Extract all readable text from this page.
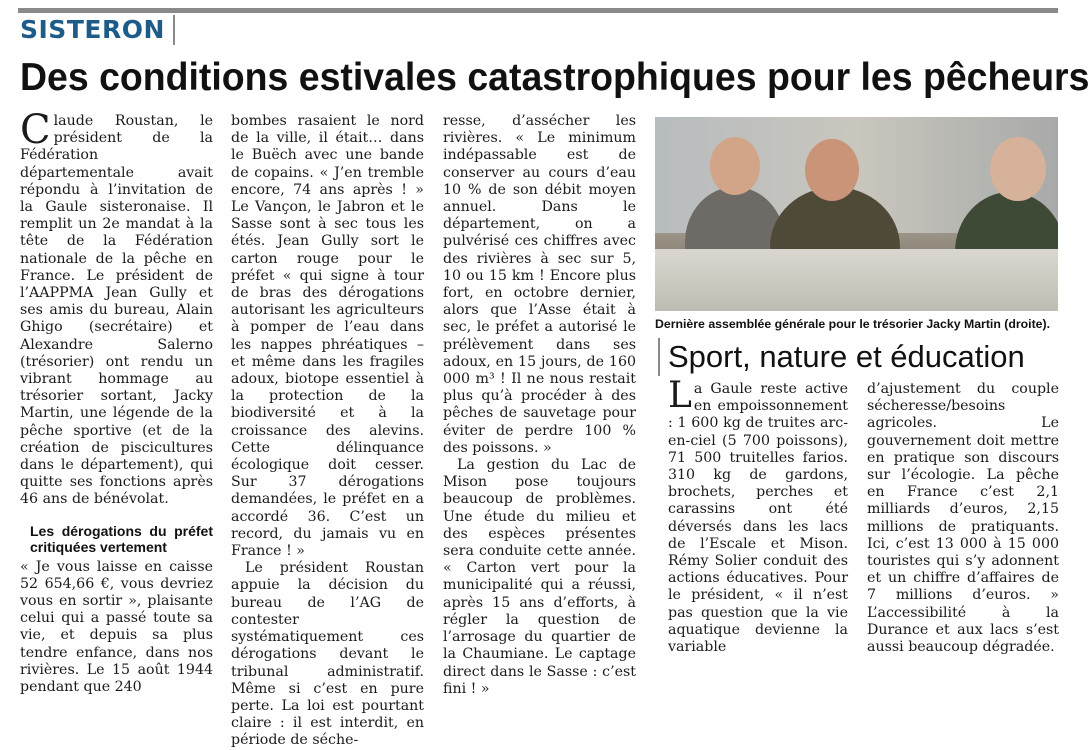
SISTERON
Des conditions estivales catastrophiques pour les pêcheurs

Claude Roustan, le président de la Fédération départementale avait répondu à l’invitation de la Gaule sisteronaise. Il remplit un 2e mandat à la tête de la Fédération nationale de la pêche en France. Le président de l’AAPPMA Jean Gully et ses amis du bureau, Alain Ghigo (secrétaire) et Alexandre Salerno (trésorier) ont rendu un vibrant hommage au trésorier sortant, Jacky Martin, une légende de la pêche sportive (et de la création de piscicultures dans le département), qui quitte ses fonctions après 46 ans de bénévolat.

Les dérogations du préfet critiquées vertement

« Je vous laisse en caisse 52 654,66 €, vous devriez vous en sortir », plaisante celui qui a passé toute sa vie, et depuis sa plus tendre enfance, dans nos rivières. Le 15 août 1944 pendant que 240

bombes rasaient le nord de la ville, il était… dans le Buëch avec une bande de copains. « J’en tremble encore, 74 ans après ! » Le Vançon, le Jabron et le Sasse sont à sec tous les étés. Jean Gully sort le carton rouge pour le préfet « qui signe à tour de bras des dérogations autorisant les agriculteurs à pomper de l’eau dans les nappes phréatiques – et même dans les fragiles adoux, biotope essentiel à la protection de la biodiversité et à la croissance des alevins. Cette délinquance écologique doit cesser. Sur 37 dérogations demandées, le préfet en a accordé 36. C’est un record, du jamais vu en France ! »

Le président Roustan appuie la décision du bureau de l’AG de contester systématiquement ces dérogations devant le tribunal administratif. Même si c’est en pure perte. La loi est pourtant claire : il est interdit, en période de séche-

resse, d’assécher les rivières. « Le minimum indépassable est de conserver au cours d’eau 10 % de son débit moyen annuel. Dans le département, on a pulvérisé ces chiffres avec des rivières à sec sur 5, 10 ou 15 km ! Encore plus fort, en octobre dernier, alors que l’Asse était à sec, le préfet a autorisé le prélèvement dans ses adoux, en 15 jours, de 160 000 m³ ! Il ne nous restait plus qu’à procéder à des pêches de sauvetage pour éviter de perdre 100 % des poissons. »

La gestion du Lac de Mison pose toujours beaucoup de problèmes. Une étude du milieu et des espèces présentes sera conduite cette année. « Carton vert pour la municipalité qui a réussi, après 15 ans d’efforts, à régler la question de l’arrosage du quartier de la Chaumiane. Le captage direct dans le Sasse : c’est fini ! »

Dernière assemblée générale pour le trésorier Jacky Martin (droite).
Sport, nature et éducation

La Gaule reste active en empoissonnement : 1 600 kg de truites arc-en-ciel (5 700 poissons), 71 500 truitelles farios. 310 kg de gardons, brochets, perches et carassins ont été déversés dans les lacs de l’Escale et Mison. Rémy Solier conduit des actions éducatives. Pour le président, « il n’est pas question que la vie aquatique devienne la variable

d’ajustement du couple sécheresse/besoins agricoles. Le gouvernement doit mettre en pratique son discours sur l’écologie. La pêche en France c’est 2,1 milliards d’euros, 2,15 millions de pratiquants. Ici, c’est 13 000 à 15 000 touristes qui s’y adonnent et un chiffre d’affaires de 7 millions d’euros. » L’accessibilité à la Durance et aux lacs s’est aussi beaucoup dégradée.
